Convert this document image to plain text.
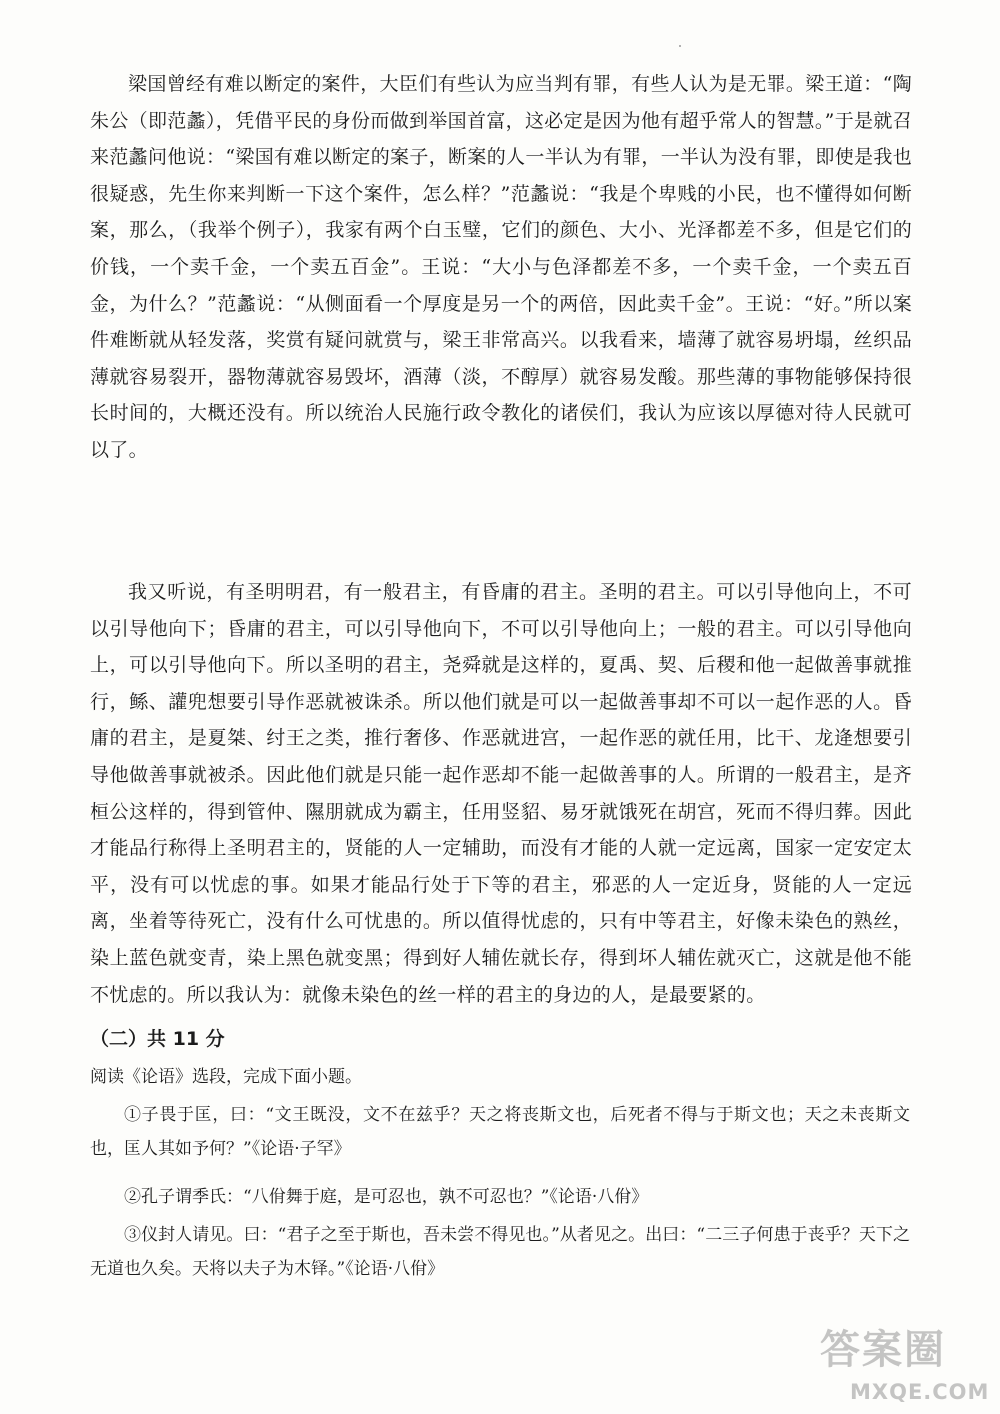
梁国曾经有难以断定的案件，大臣们有些认为应当判有罪，有些人认为是无罪。梁王道：“陶朱公（即范蠡），凭借平民的身份而做到举国首富，这必定是因为他有超乎常人的智慧。”于是就召来范蠡问他说：“梁国有难以断定的案子，断案的人一半认为有罪，一半认为没有罪，即使是我也很疑惑，先生你来判断一下这个案件，怎么样？”范蠡说：“我是个卑贱的小民，也不懂得如何断案，那么，（我举个例子），我家有两个白玉璧，它们的颜色、大小、光泽都差不多，但是它们的价钱，一个卖千金，一个卖五百金”。王说：“大小与色泽都差不多，一个卖千金，一个卖五百金，为什么？”范蠡说：“从侧面看一个厚度是另一个的两倍，因此卖千金”。王说：“好。”所以案件难断就从轻发落，奖赏有疑问就赏与，梁王非常高兴。以我看来，墙薄了就容易坍塌，丝织品薄就容易裂开，器物薄就容易毁坏，酒薄（淡，不醇厚）就容易发酸。那些薄的事物能够保持很长时间的，大概还没有。所以统治人民施行政令教化的诸侯们，我认为应该以厚德对待人民就可以了。

我又听说，有圣明明君，有一般君主，有昏庸的君主。圣明的君主。可以引导他向上，不可以引导他向下；昏庸的君主，可以引导他向下，不可以引导他向上；一般的君主。可以引导他向上，可以引导他向下。所以圣明的君主，尧舜就是这样的，夏禹、契、后稷和他一起做善事就推行，鲧、讙兜想要引导作恶就被诛杀。所以他们就是可以一起做善事却不可以一起作恶的人。昏庸的君主，是夏桀、纣王之类，推行奢侈、作恶就进宫，一起作恶的就任用，比干、龙逄想要引导他做善事就被杀。因此他们就是只能一起作恶却不能一起做善事的人。所谓的一般君主，是齐桓公这样的，得到管仲、隰朋就成为霸主，任用竖貂、易牙就饿死在胡宫，死而不得归葬。因此才能品行称得上圣明君主的，贤能的人一定辅助，而没有才能的人就一定远离，国家一定安定太平，没有可以忧虑的事。如果才能品行处于下等的君主，邪恶的人一定近身，贤能的人一定远离，坐着等待死亡，没有什么可忧患的。所以值得忧虑的，只有中等君主，好像未染色的熟丝，染上蓝色就变青，染上黑色就变黑；得到好人辅佐就长存，得到坏人辅佐就灭亡，这就是他不能不忧虑的。所以我认为：就像未染色的丝一样的君主的身边的人，是最要紧的。

（二）共 11 分

阅读《论语》选段，完成下面小题。

①子畏于匡，曰：“文王既没，文不在兹乎？天之将丧斯文也，后死者不得与于斯文也；天之未丧斯文也，匡人其如予何？”《论语·子罕》

②孔子谓季氏：“八佾舞于庭，是可忍也，孰不可忍也？”《论语·八佾》

③仪封人请见。曰：“君子之至于斯也，吾未尝不得见也。”从者见之。出曰：“二三子何患于丧乎？天下之无道也久矣。天将以夫子为木铎。”《论语·八佾》

答案圈
MXQE.COM
